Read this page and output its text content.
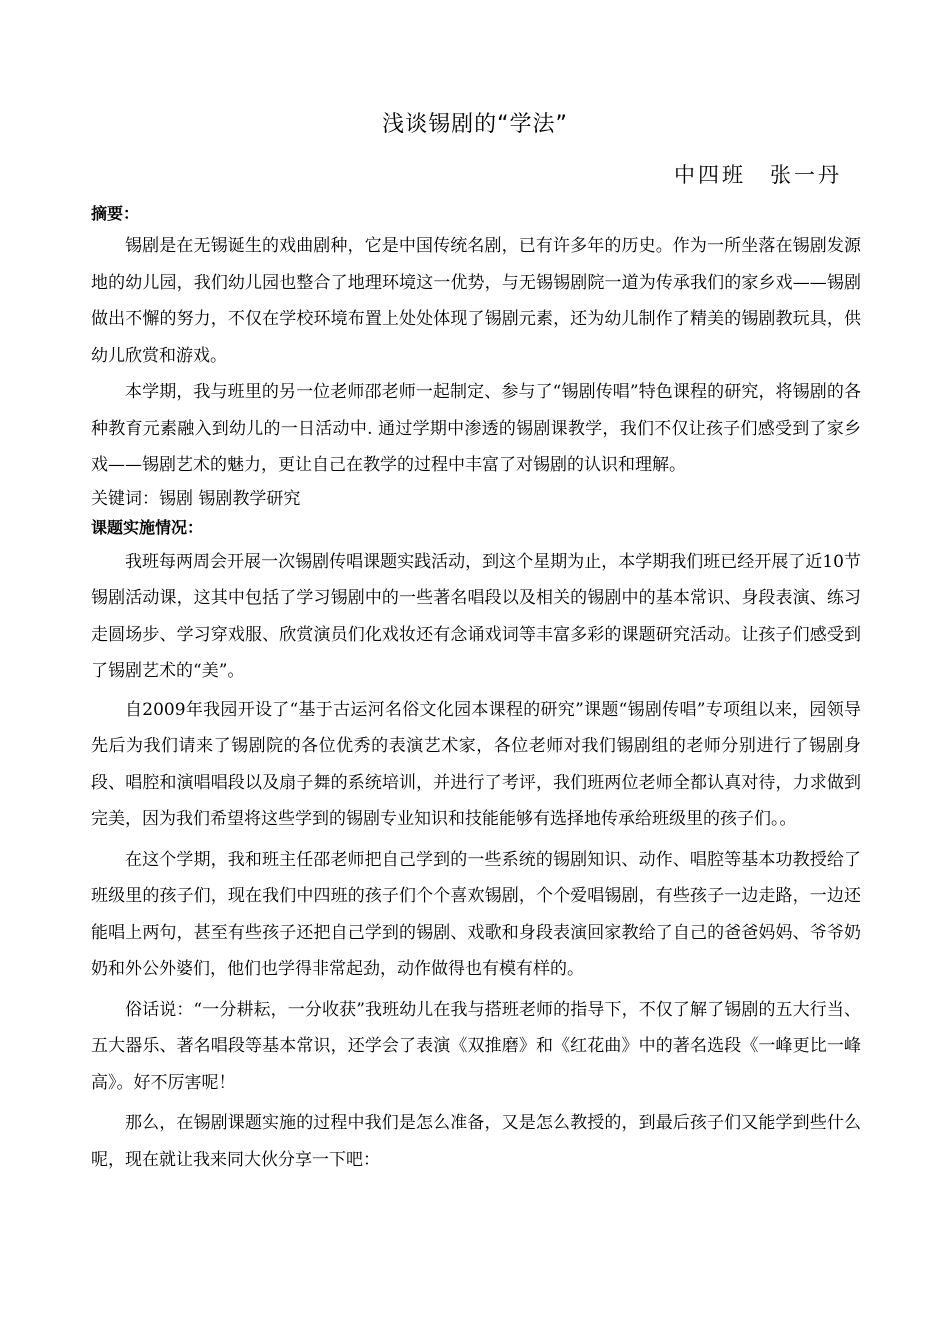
浅谈锡剧的“学法”
中四班　张一丹

摘要：

锡剧是在无锡诞生的戏曲剧种，它是中国传统名剧，已有许多年的历史。作为一所坐落在锡剧发源地的幼儿园，我们幼儿园也整合了地理环境这一优势，与无锡锡剧院一道为传承我们的家乡戏——锡剧做出不懈的努力，不仅在学校环境布置上处处体现了锡剧元素，还为幼儿制作了精美的锡剧教玩具，供幼儿欣赏和游戏。

本学期，我与班里的另一位老师邵老师一起制定、参与了“锡剧传唱”特色课程的研究，将锡剧的各种教育元素融入到幼儿的一日活动中. 通过学期中渗透的锡剧课教学，我们不仅让孩子们感受到了家乡戏——锡剧艺术的魅力，更让自己在教学的过程中丰富了对锡剧的认识和理解。

关键词：锡剧 锡剧教学研究

课题实施情况：

我班每两周会开展一次锡剧传唱课题实践活动，到这个星期为止，本学期我们班已经开展了近10节锡剧活动课，这其中包括了学习锡剧中的一些著名唱段以及相关的锡剧中的基本常识、身段表演、练习走圆场步、学习穿戏服、欣赏演员们化戏妆还有念诵戏词等丰富多彩的课题研究活动。让孩子们感受到了锡剧艺术的“美”。

自2009年我园开设了“基于古运河名俗文化园本课程的研究”课题“锡剧传唱”专项组以来，园领导先后为我们请来了锡剧院的各位优秀的表演艺术家，各位老师对我们锡剧组的老师分别进行了锡剧身段、唱腔和演唱唱段以及扇子舞的系统培训，并进行了考评，我们班两位老师全都认真对待，力求做到完美，因为我们希望将这些学到的锡剧专业知识和技能能够有选择地传承给班级里的孩子们。。

在这个学期，我和班主任邵老师把自己学到的一些系统的锡剧知识、动作、唱腔等基本功教授给了班级里的孩子们，现在我们中四班的孩子们个个喜欢锡剧，个个爱唱锡剧，有些孩子一边走路，一边还能唱上两句，甚至有些孩子还把自己学到的锡剧、戏歌和身段表演回家教给了自己的爸爸妈妈、爷爷奶奶和外公外婆们，他们也学得非常起劲，动作做得也有模有样的。

俗话说：“一分耕耘，一分收获”我班幼儿在我与搭班老师的指导下，不仅了解了锡剧的五大行当、五大器乐、著名唱段等基本常识，还学会了表演《双推磨》和《红花曲》中的著名选段《一峰更比一峰高》。好不厉害呢！

那么，在锡剧课题实施的过程中我们是怎么准备，又是怎么教授的，到最后孩子们又能学到些什么呢，现在就让我来同大伙分享一下吧：
